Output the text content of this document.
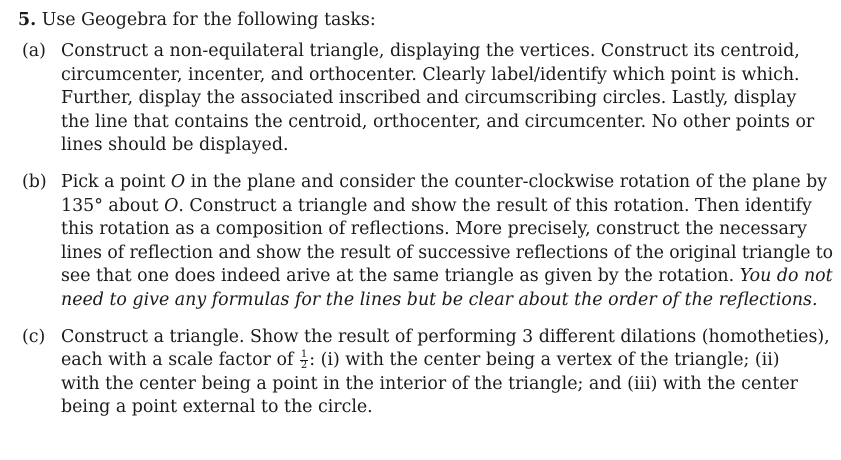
5. Use Geogebra for the following tasks:
(a) Construct a non-equilateral triangle, displaying the vertices. Construct its centroid,
circumcenter, incenter, and orthocenter. Clearly label/identify which point is which.
Further, display the associated inscribed and circumscribing circles. Lastly, display
the line that contains the centroid, orthocenter, and circumcenter. No other points or
lines should be displayed.
(b) Pick a point O in the plane and consider the counter-clockwise rotation of the plane by
135° about O. Construct a triangle and show the result of this rotation. Then identify
this rotation as a composition of reflections. More precisely, construct the necessary
lines of reflection and show the result of successive reflections of the original triangle to
see that one does indeed arive at the same triangle as given by the rotation. You do not
need to give any formulas for the lines but be clear about the order of the reflections.
(c) Construct a triangle. Show the result of performing 3 different dilations (homotheties),
each with a scale factor of $\frac{1}{2}$ : (i) with the center being a vertex of the triangle; (ii)
with the center being a point in the interior of the triangle; and (iii) with the center
being a point external to the circle.
